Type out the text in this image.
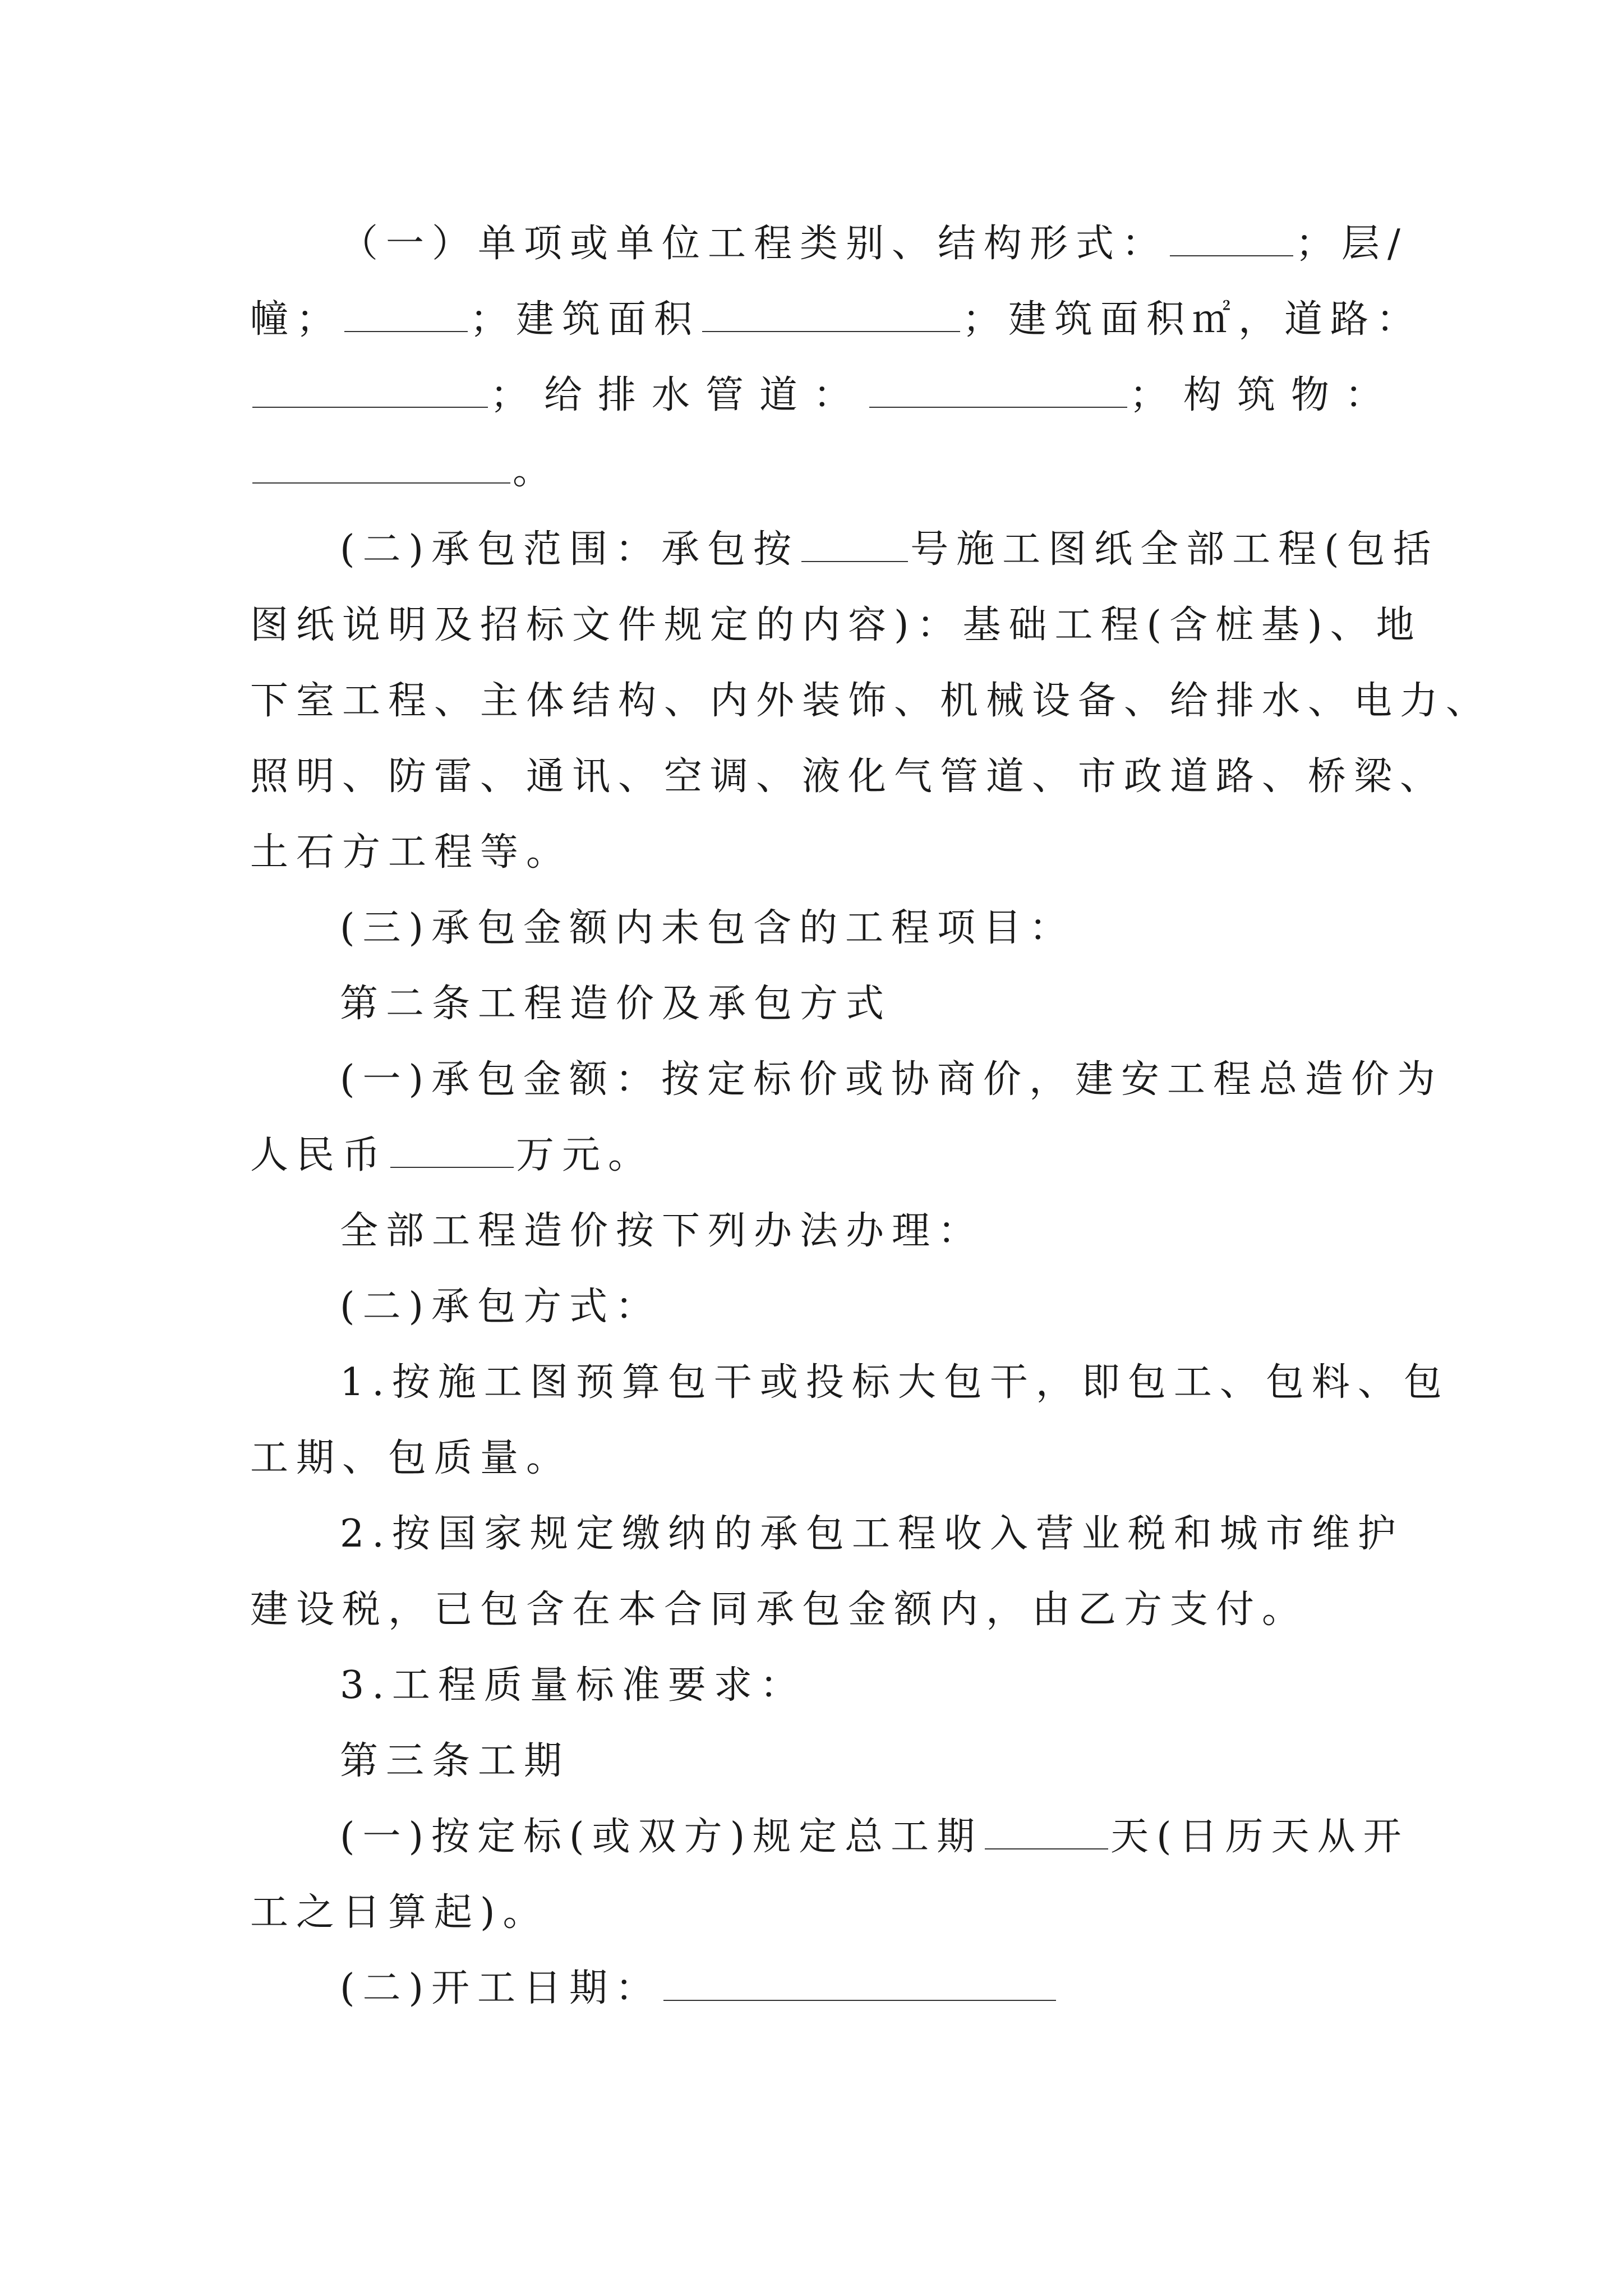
（一）单项或单位工程类别、结构形式：	；层/
幢；	；建筑面积	；建筑面积㎡，道路：
；给排水管道：	；构筑物：
。
(二)承包范围：承包按	号施工图纸全部工程(包括
图纸说明及招标文件规定的内容)：基础工程(含桩基)、地
下室工程、主体结构、内外装饰、机械设备、给排水、电力、
照明、防雷、通讯、空调、液化气管道、市政道路、桥梁、
土石方工程等。
(三)承包金额内未包含的工程项目：
第二条工程造价及承包方式
(一)承包金额：按定标价或协商价，建安工程总造价为
人民币	万元。
全部工程造价按下列办法办理：
(二)承包方式：
1.按施工图预算包干或投标大包干，即包工、包料、包
工期、包质量。
2.按国家规定缴纳的承包工程收入营业税和城市维护
建设税，已包含在本合同承包金额内，由乙方支付。
3.工程质量标准要求：
第三条工期
(一)按定标(或双方)规定总工期	天(日历天从开
工之日算起)。
(二)开工日期：
